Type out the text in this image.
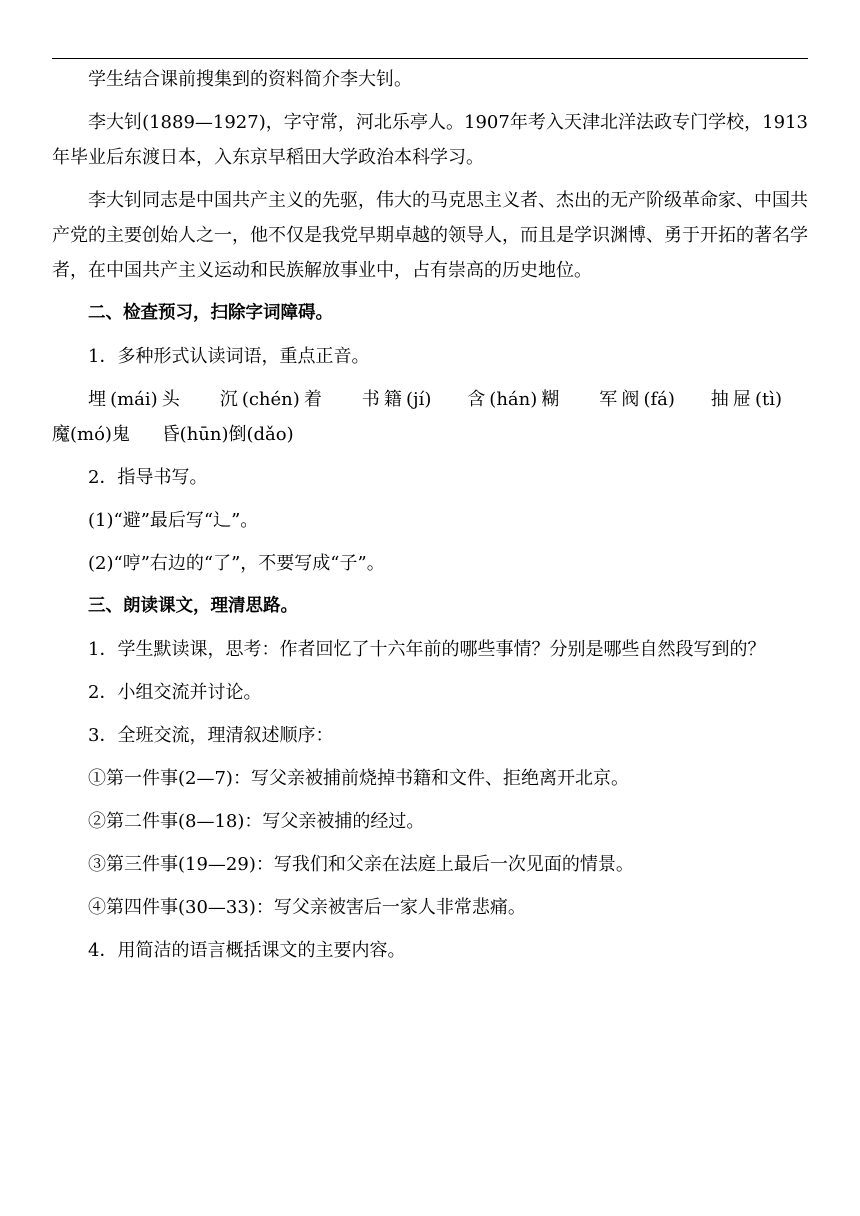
学生结合课前搜集到的资料简介李大钊。

李大钊(1889—1927)，字守常，河北乐亭人。1907年考入天津北洋法政专门学校，1913年毕业后东渡日本，入东京早稻田大学政治本科学习。

李大钊同志是中国共产主义的先驱，伟大的马克思主义者、杰出的无产阶级革命家、中国共产党的主要创始人之一，他不仅是我党早期卓越的领导人，而且是学识渊博、勇于开拓的著名学者，在中国共产主义运动和民族解放事业中，占有崇高的历史地位。

二、检查预习，扫除字词障碍。

1．多种形式认读词语，重点正音。

埋(mái)头 沉(chén)着 书籍(jí) 含(hán)糊 军阀(fá) 抽屉(tì) 魔(mó)鬼 昏(hūn)倒(dǎo)

2．指导书写。

(1)“避”最后写“辶”。

(2)“哼”右边的“了”，不要写成“子”。

三、朗读课文，理清思路。

1．学生默读课，思考：作者回忆了十六年前的哪些事情？分别是哪些自然段写到的？

2．小组交流并讨论。

3．全班交流，理清叙述顺序：

①第一件事(2—7)：写父亲被捕前烧掉书籍和文件、拒绝离开北京。

②第二件事(8—18)：写父亲被捕的经过。

③第三件事(19—29)：写我们和父亲在法庭上最后一次见面的情景。

④第四件事(30—33)：写父亲被害后一家人非常悲痛。

4．用简洁的语言概括课文的主要内容。
